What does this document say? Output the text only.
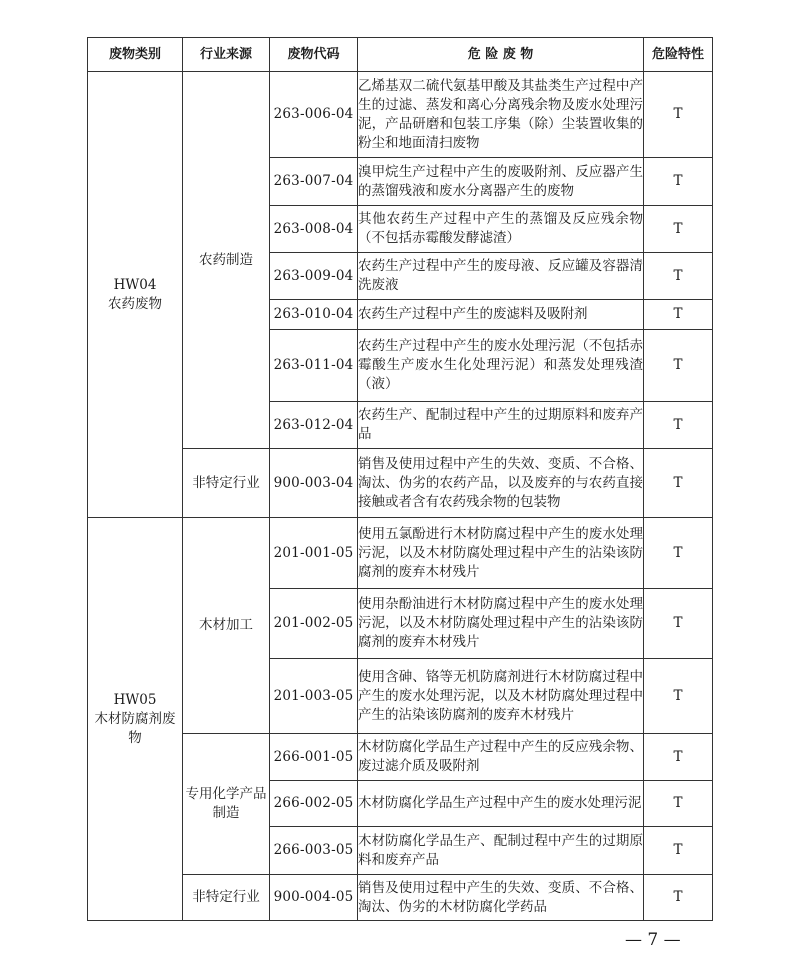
废物类别	行业来源	废物代码	危 险 废 物	危险特性

HW04
农药废物	农药制造	263-006-04	乙烯基双二硫代氨基甲酸及其盐类生产过程中产生的过滤、蒸发和离心分离残余物及废水处理污泥，产品研磨和包装工序集（除）尘装置收集的粉尘和地面清扫废物	T
		263-007-04	溴甲烷生产过程中产生的废吸附剂、反应器产生的蒸馏残液和废水分离器产生的废物	T
		263-008-04	其他农药生产过程中产生的蒸馏及反应残余物（不包括赤霉酸发酵滤渣）	T
		263-009-04	农药生产过程中产生的废母液、反应罐及容器清洗废液	T
		263-010-04	农药生产过程中产生的废滤料及吸附剂	T
		263-011-04	农药生产过程中产生的废水处理污泥（不包括赤霉酸生产废水生化处理污泥）和蒸发处理残渣（液）	T
		263-012-04	农药生产、配制过程中产生的过期原料和废弃产品	T
	非特定行业	900-003-04	销售及使用过程中产生的失效、变质、不合格、淘汰、伪劣的农药产品，以及废弃的与农药直接接触或者含有农药残余物的包装物	T

HW05
木材防腐剂废物	木材加工	201-001-05	使用五氯酚进行木材防腐过程中产生的废水处理污泥，以及木材防腐处理过程中产生的沾染该防腐剂的废弃木材残片	T
		201-002-05	使用杂酚油进行木材防腐过程中产生的废水处理污泥，以及木材防腐处理过程中产生的沾染该防腐剂的废弃木材残片	T
		201-003-05	使用含砷、铬等无机防腐剂进行木材防腐过程中产生的废水处理污泥，以及木材防腐处理过程中产生的沾染该防腐剂的废弃木材残片	T
	专用化学产品制造	266-001-05	木材防腐化学品生产过程中产生的反应残余物、废过滤介质及吸附剂	T
		266-002-05	木材防腐化学品生产过程中产生的废水处理污泥	T
		266-003-05	木材防腐化学品生产、配制过程中产生的过期原料和废弃产品	T
	非特定行业	900-004-05	销售及使用过程中产生的失效、变质、不合格、淘汰、伪劣的木材防腐化学药品	T
— 7 —
